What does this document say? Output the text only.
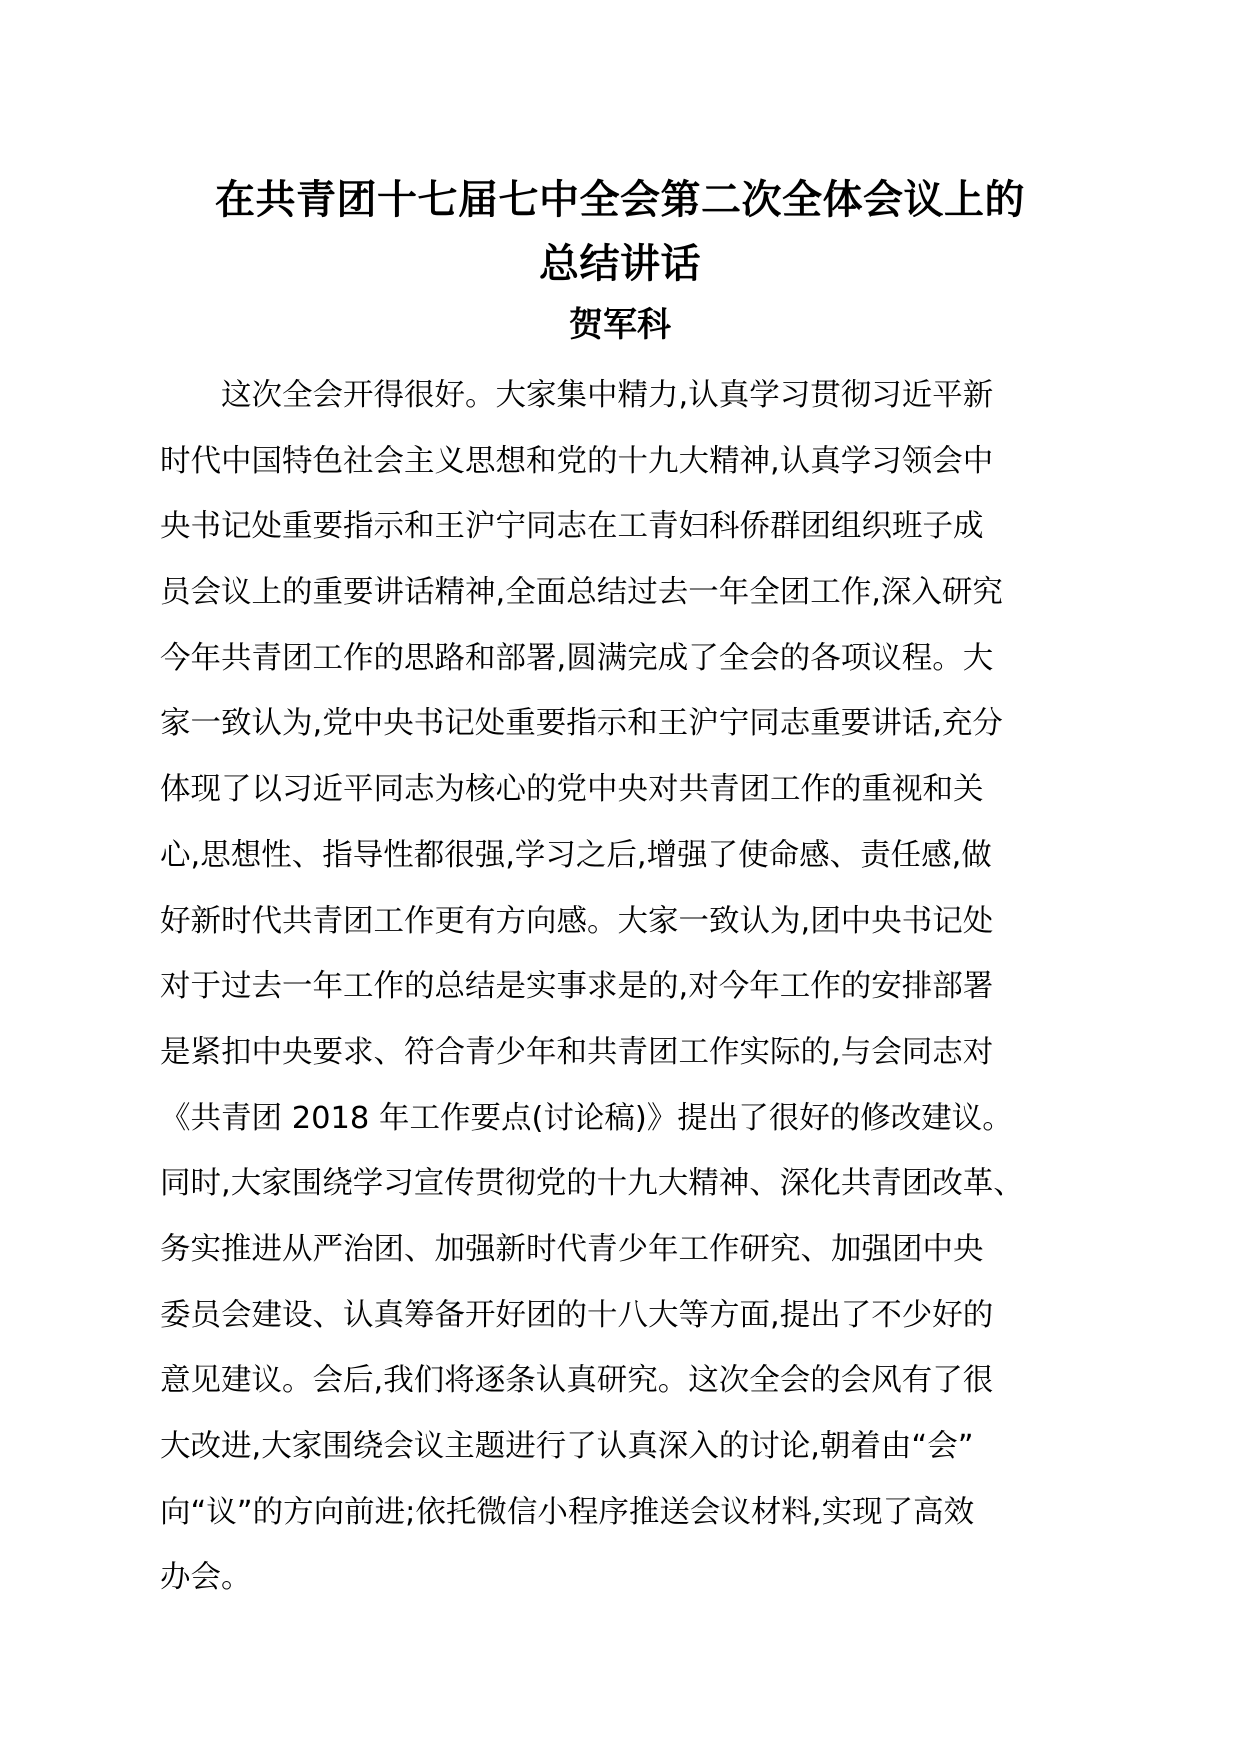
在共青团十七届七中全会第二次全体会议上的
总结讲话
贺军科
　　这次全会开得很好。大家集中精力,认真学习贯彻习近平新
时代中国特色社会主义思想和党的十九大精神,认真学习领会中
央书记处重要指示和王沪宁同志在工青妇科侨群团组织班子成
员会议上的重要讲话精神,全面总结过去一年全团工作,深入研究
今年共青团工作的思路和部署,圆满完成了全会的各项议程。大
家一致认为,党中央书记处重要指示和王沪宁同志重要讲话,充分
体现了以习近平同志为核心的党中央对共青团工作的重视和关
心,思想性、指导性都很强,学习之后,增强了使命感、责任感,做
好新时代共青团工作更有方向感。大家一致认为,团中央书记处
对于过去一年工作的总结是实事求是的,对今年工作的安排部署
是紧扣中央要求、符合青少年和共青团工作实际的,与会同志对
《共青团 2018 年工作要点(讨论稿)》提出了很好的修改建议。
同时,大家围绕学习宣传贯彻党的十九大精神、深化共青团改革、
务实推进从严治团、加强新时代青少年工作研究、加强团中央
委员会建设、认真筹备开好团的十八大等方面,提出了不少好的
意见建议。会后,我们将逐条认真研究。这次全会的会风有了很
大改进,大家围绕会议主题进行了认真深入的讨论,朝着由“会”
向“议”的方向前进;依托微信小程序推送会议材料,实现了高效
办会。
